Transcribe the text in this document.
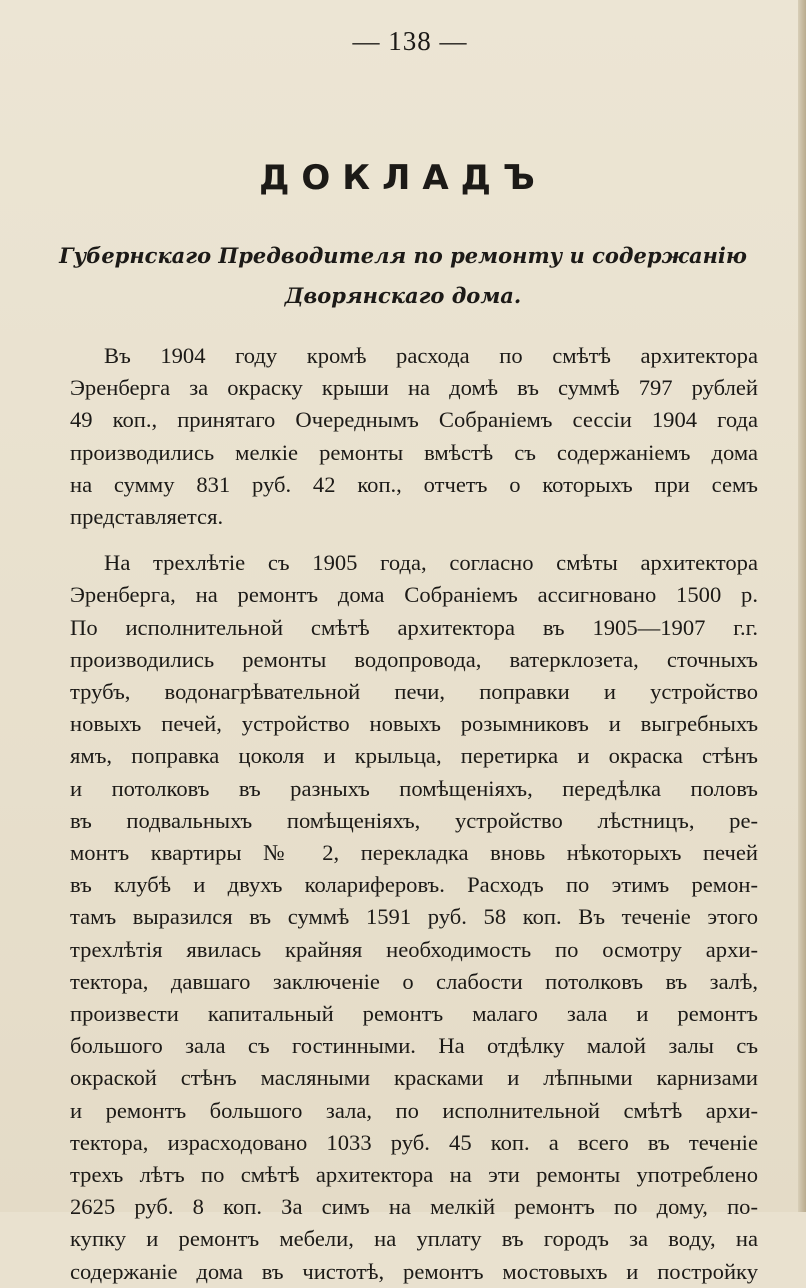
— 138 —
ДОКЛАДЪ
Губернскаго Предводителя по ремонту и содержанію
Дворянскаго дома.

Въ 1904 году кромѣ расхода по смѣтѣ архитектора
Эренберга за окраску крыши на домѣ въ суммѣ 797 рублей
49 коп., принятаго Очереднымъ Собраніемъ сессіи 1904 года
производились мелкіе ремонты вмѣстѣ съ содержаніемъ дома
на сумму 831 руб. 42 коп., отчетъ о которыхъ при семъ
представляется.

На трехлѣтіе съ 1905 года, согласно смѣты архитектора
Эренберга, на ремонтъ дома Собраніемъ ассигновано 1500 р.
По исполнительной смѣтѣ архитектора въ 1905—1907 г.г.
производились ремонты водопровода, ватерклозета, сточныхъ
трубъ, водонагрѣвательной печи, поправки и устройство
новыхъ печей, устройство новыхъ розымниковъ и выгребныхъ
ямъ, поправка цоколя и крыльца, перетирка и окраска стѣнъ
и потолковъ въ разныхъ помѣщеніяхъ, передѣлка половъ
въ подвальныхъ помѣщеніяхъ, устройство лѣстницъ, ре-
монтъ квартиры № 2, перекладка вновь нѣкоторыхъ печей
въ клубѣ и двухъ колариферовъ. Расходъ по этимъ ремон-
тамъ выразился въ суммѣ 1591 руб. 58 коп. Въ теченіе этого
трехлѣтія явилась крайняя необходимость по осмотру архи-
тектора, давшаго заключеніе о слабости потолковъ въ залѣ,
произвести капитальный ремонтъ малаго зала и ремонтъ
большого зала съ гостинными. На отдѣлку малой залы съ
окраской стѣнъ масляными красками и лѣпными карнизами
и ремонтъ большого зала, по исполнительной смѣтѣ архи-
тектора, израсходовано 1033 руб. 45 коп. а всего въ теченіе
трехъ лѣтъ по смѣтѣ архитектора на эти ремонты употреблено
2625 руб. 8 коп. За симъ на мелкій ремонтъ по дому, по-
купку и ремонтъ мебели, на уплату въ городъ за воду, на
содержаніе дома въ чистотѣ, ремонтъ мостовыхъ и постройку
